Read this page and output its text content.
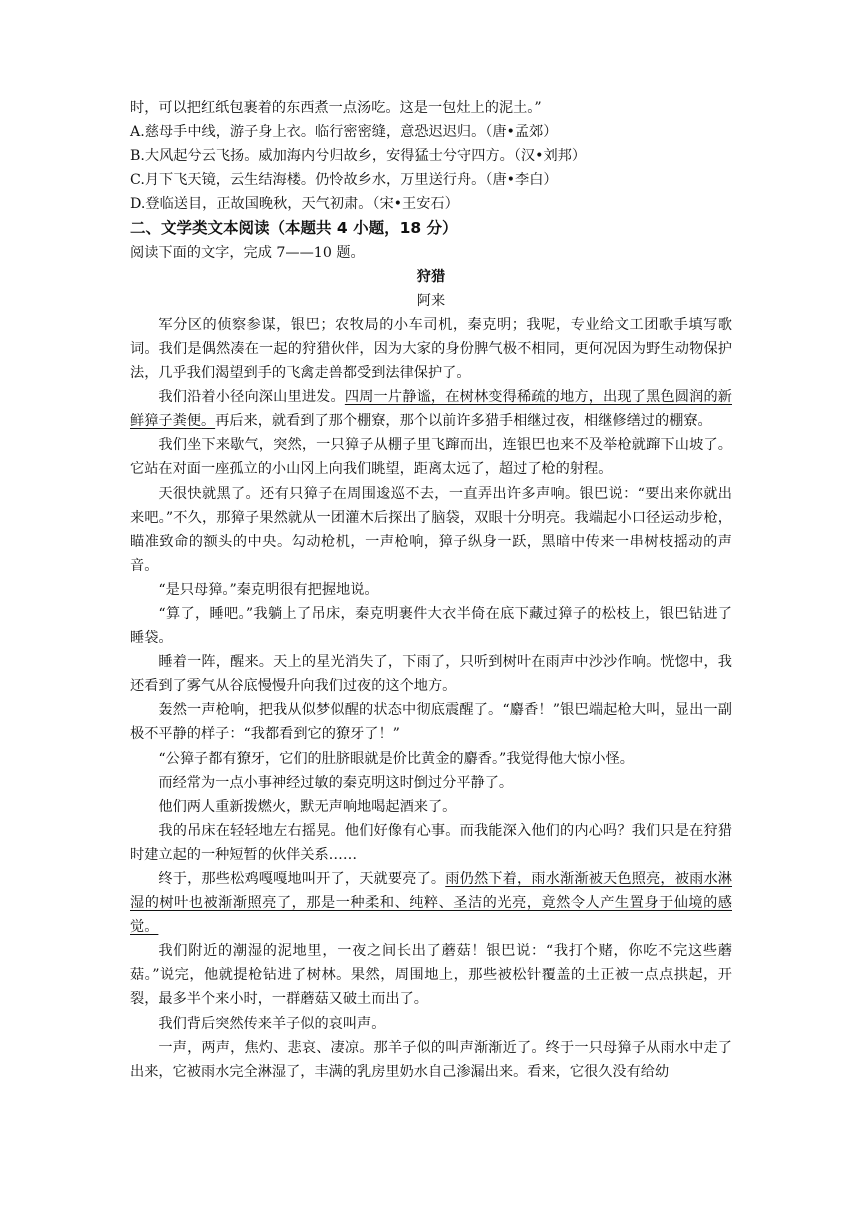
时，可以把红纸包裹着的东西煮一点汤吃。这是一包灶上的泥土。”

A.慈母手中线，游子身上衣。临行密密缝，意恐迟迟归。（唐•孟郊）

B.大风起兮云飞扬。威加海内兮归故乡，安得猛士兮守四方。（汉•刘邦）

C.月下飞天镜，云生结海楼。仍怜故乡水，万里送行舟。（唐•李白）

D.登临送目，正故国晚秋，天气初肃。（宋•王安石）

二、文学类文本阅读（本题共 4 小题，18 分）

阅读下面的文字，完成 7——10 题。

狩猎

阿来

军分区的侦察参谋，银巴；农牧局的小车司机，秦克明；我呢，专业给文工团歌手填写歌词。我们是偶然凑在一起的狩猎伙伴，因为大家的身份脾气极不相同，更何况因为野生动物保护法，几乎我们渴望到手的飞禽走兽都受到法律保护了。

我们沿着小径向深山里进发。四周一片静谧，在树林变得稀疏的地方，出现了黑色圆润的新鲜獐子粪便。再后来，就看到了那个棚寮，那个以前许多猎手相继过夜，相继修缮过的棚寮。

我们坐下来歇气，突然，一只獐子从棚子里飞蹿而出，连银巴也来不及举枪就蹿下山坡了。它站在对面一座孤立的小山冈上向我们眺望，距离太远了，超过了枪的射程。

天很快就黑了。还有只獐子在周围逡巡不去，一直弄出许多声响。银巴说：“要出来你就出来吧。”不久，那獐子果然就从一团灌木后探出了脑袋，双眼十分明亮。我端起小口径运动步枪，瞄准致命的额头的中央。勾动枪机，一声枪响，獐子纵身一跃，黑暗中传来一串树枝摇动的声音。

“是只母獐。”秦克明很有把握地说。

“算了，睡吧。”我躺上了吊床，秦克明裹件大衣半倚在底下藏过獐子的松枝上，银巴钻进了睡袋。

睡着一阵，醒来。天上的星光消失了，下雨了，只听到树叶在雨声中沙沙作响。恍惚中，我还看到了雾气从谷底慢慢升向我们过夜的这个地方。

轰然一声枪响，把我从似梦似醒的状态中彻底震醒了。“麝香！”银巴端起枪大叫，显出一副极不平静的样子：“我都看到它的獠牙了！”

“公獐子都有獠牙，它们的肚脐眼就是价比黄金的麝香。”我觉得他大惊小怪。

而经常为一点小事神经过敏的秦克明这时倒过分平静了。

他们两人重新拨燃火，默无声响地喝起酒来了。

我的吊床在轻轻地左右摇晃。他们好像有心事。而我能深入他们的内心吗？我们只是在狩猎时建立起的一种短暂的伙伴关系……

终于，那些松鸡嘎嘎地叫开了，天就要亮了。雨仍然下着，雨水渐渐被天色照亮，被雨水淋湿的树叶也被渐渐照亮了，那是一种柔和、纯粹、圣洁的光亮，竟然令人产生置身于仙境的感觉。

我们附近的潮湿的泥地里，一夜之间长出了蘑菇！银巴说：“我打个赌，你吃不完这些蘑菇。”说完，他就提枪钻进了树林。果然，周围地上，那些被松针覆盖的土正被一点点拱起，开裂，最多半个来小时，一群蘑菇又破土而出了。

我们背后突然传来羊子似的哀叫声。

一声，两声，焦灼、悲哀、凄凉。那羊子似的叫声渐渐近了。终于一只母獐子从雨水中走了出来，它被雨水完全淋湿了，丰满的乳房里奶水自己渗漏出来。看来，它很久没有给幼
